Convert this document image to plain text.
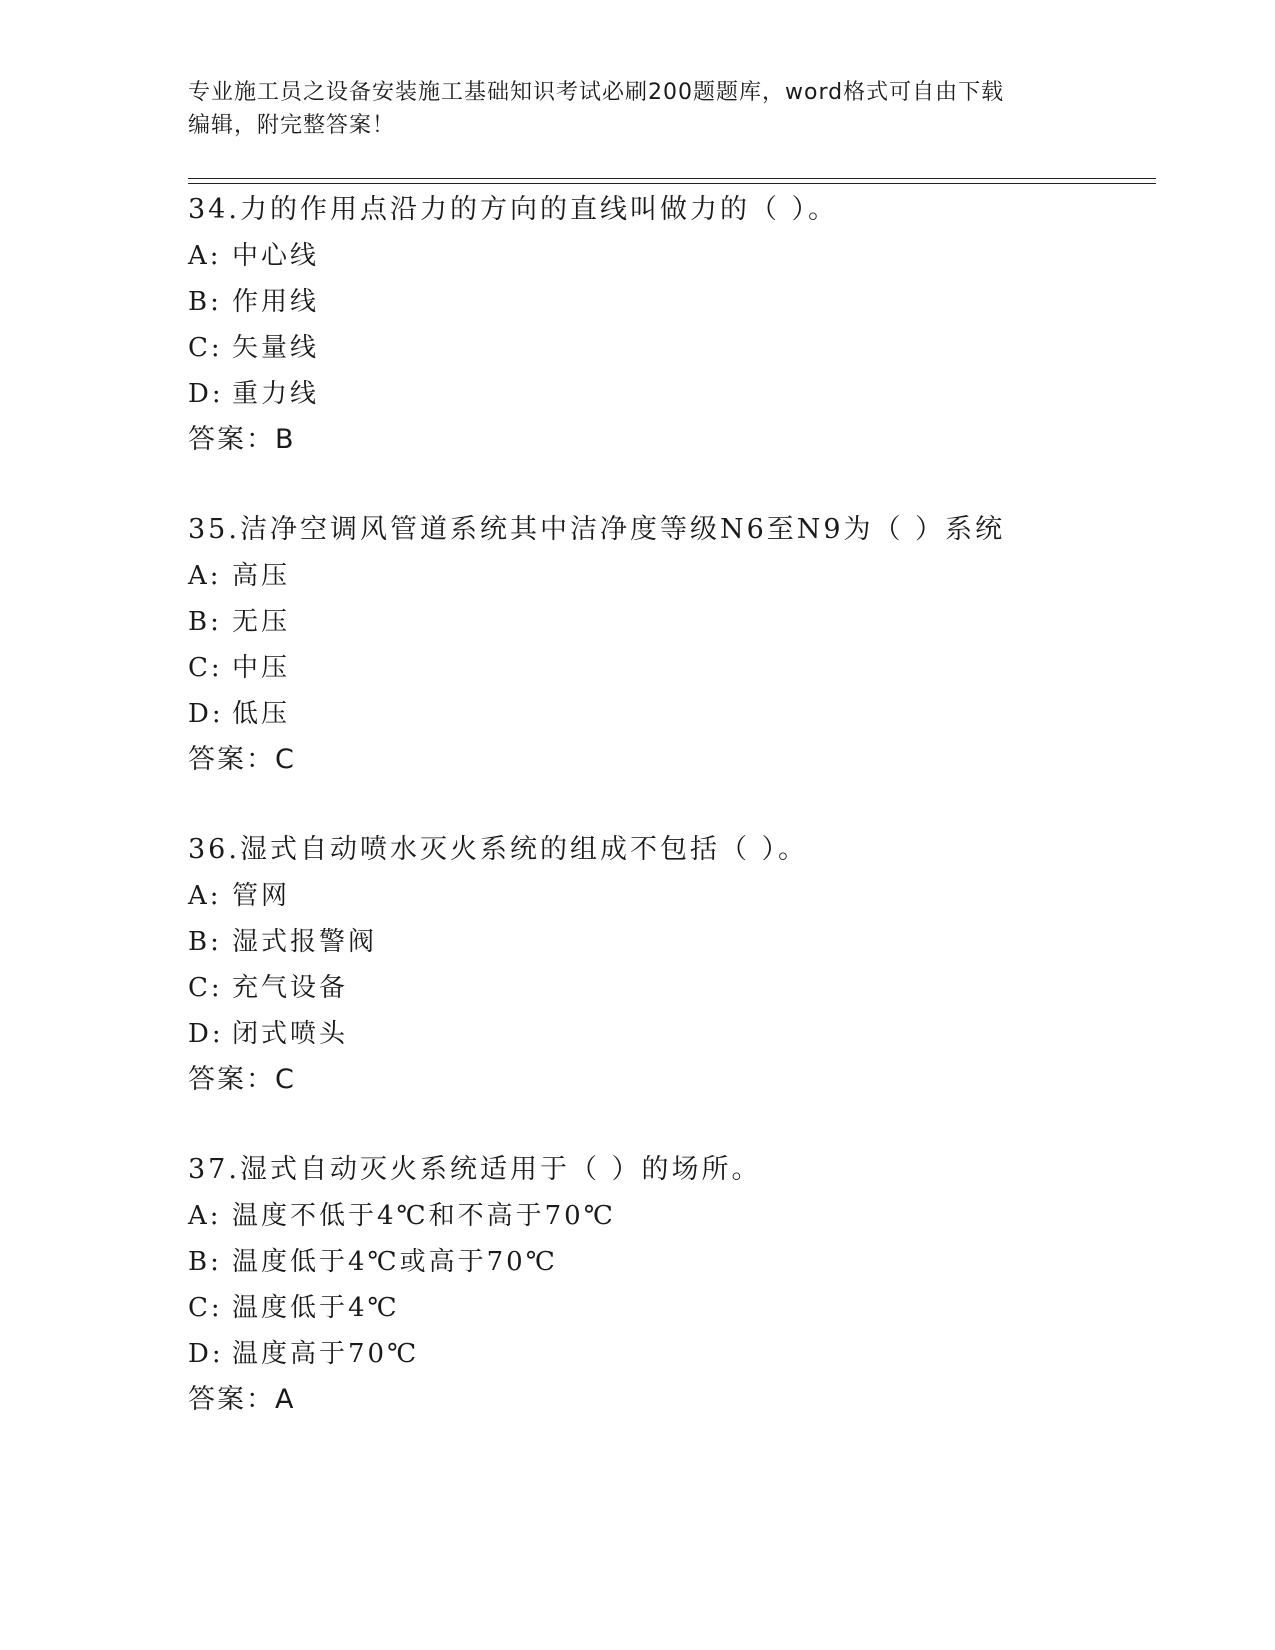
专业施工员之设备安装施工基础知识考试必刷200题题库，word格式可自由下载
编辑，附完整答案！
34.力的作用点沿力的方向的直线叫做力的（ ）。
A: 中心线
B: 作用线
C: 矢量线
D: 重力线
答案：B
35.洁净空调风管道系统其中洁净度等级N6至N9为（ ）系统
A: 高压
B: 无压
C: 中压
D: 低压
答案：C
36.湿式自动喷水灭火系统的组成不包括（ ）。
A: 管网
B: 湿式报警阀
C: 充气设备
D: 闭式喷头
答案：C
37.湿式自动灭火系统适用于（ ）的场所。
A: 温度不低于4℃和不高于70℃
B: 温度低于4℃或高于70℃
C: 温度低于4℃
D: 温度高于70℃
答案：A
